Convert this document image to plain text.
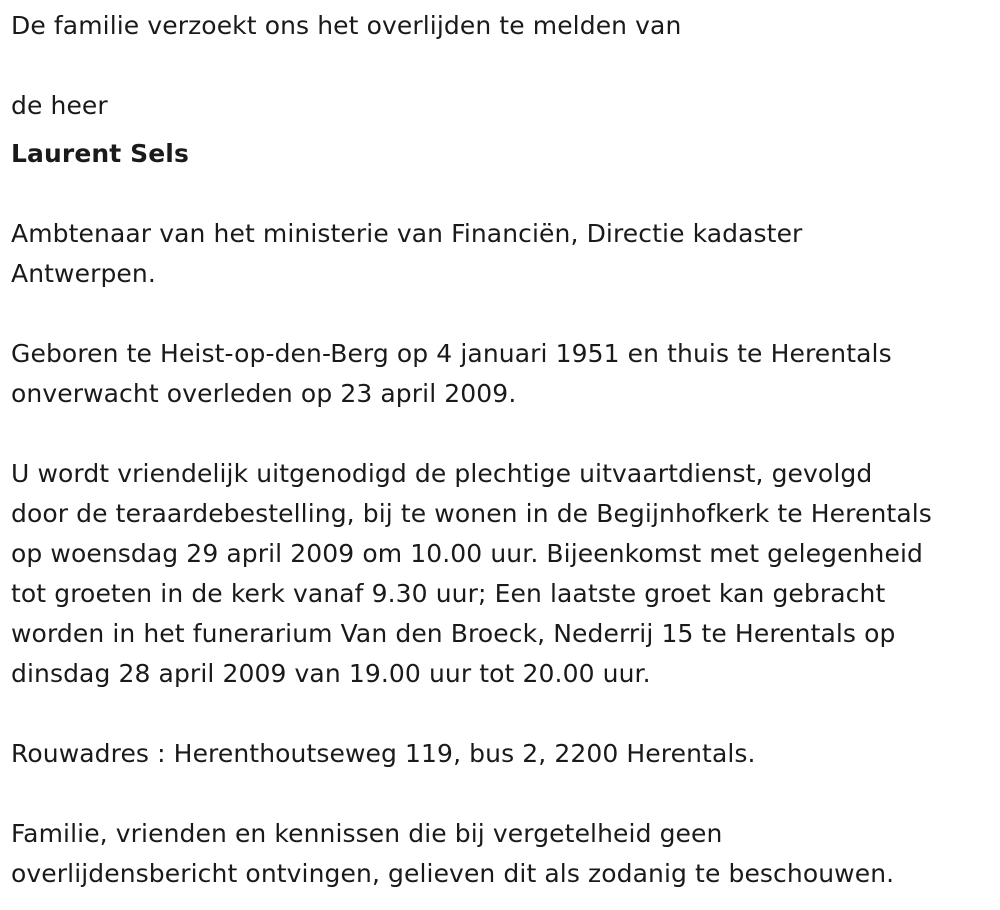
De familie verzoekt ons het overlijden te melden van
de heer
Laurent Sels
Ambtenaar van het ministerie van Financiën, Directie kadaster
Antwerpen.
Geboren te Heist-op-den-Berg op 4 januari 1951 en thuis te Herentals
onverwacht overleden op 23 april 2009.
U wordt vriendelijk uitgenodigd de plechtige uitvaartdienst, gevolgd
door de teraardebestelling, bij te wonen in de Begijnhofkerk te Herentals
op woensdag 29 april 2009 om 10.00 uur. Bijeenkomst met gelegenheid
tot groeten in de kerk vanaf 9.30 uur; Een laatste groet kan gebracht
worden in het funerarium Van den Broeck, Nederrij 15 te Herentals op
dinsdag 28 april 2009 van 19.00 uur tot 20.00 uur.
Rouwadres : Herenthoutseweg 119, bus 2, 2200 Herentals.
Familie, vrienden en kennissen die bij vergetelheid geen
overlijdensbericht ontvingen, gelieven dit als zodanig te beschouwen.
